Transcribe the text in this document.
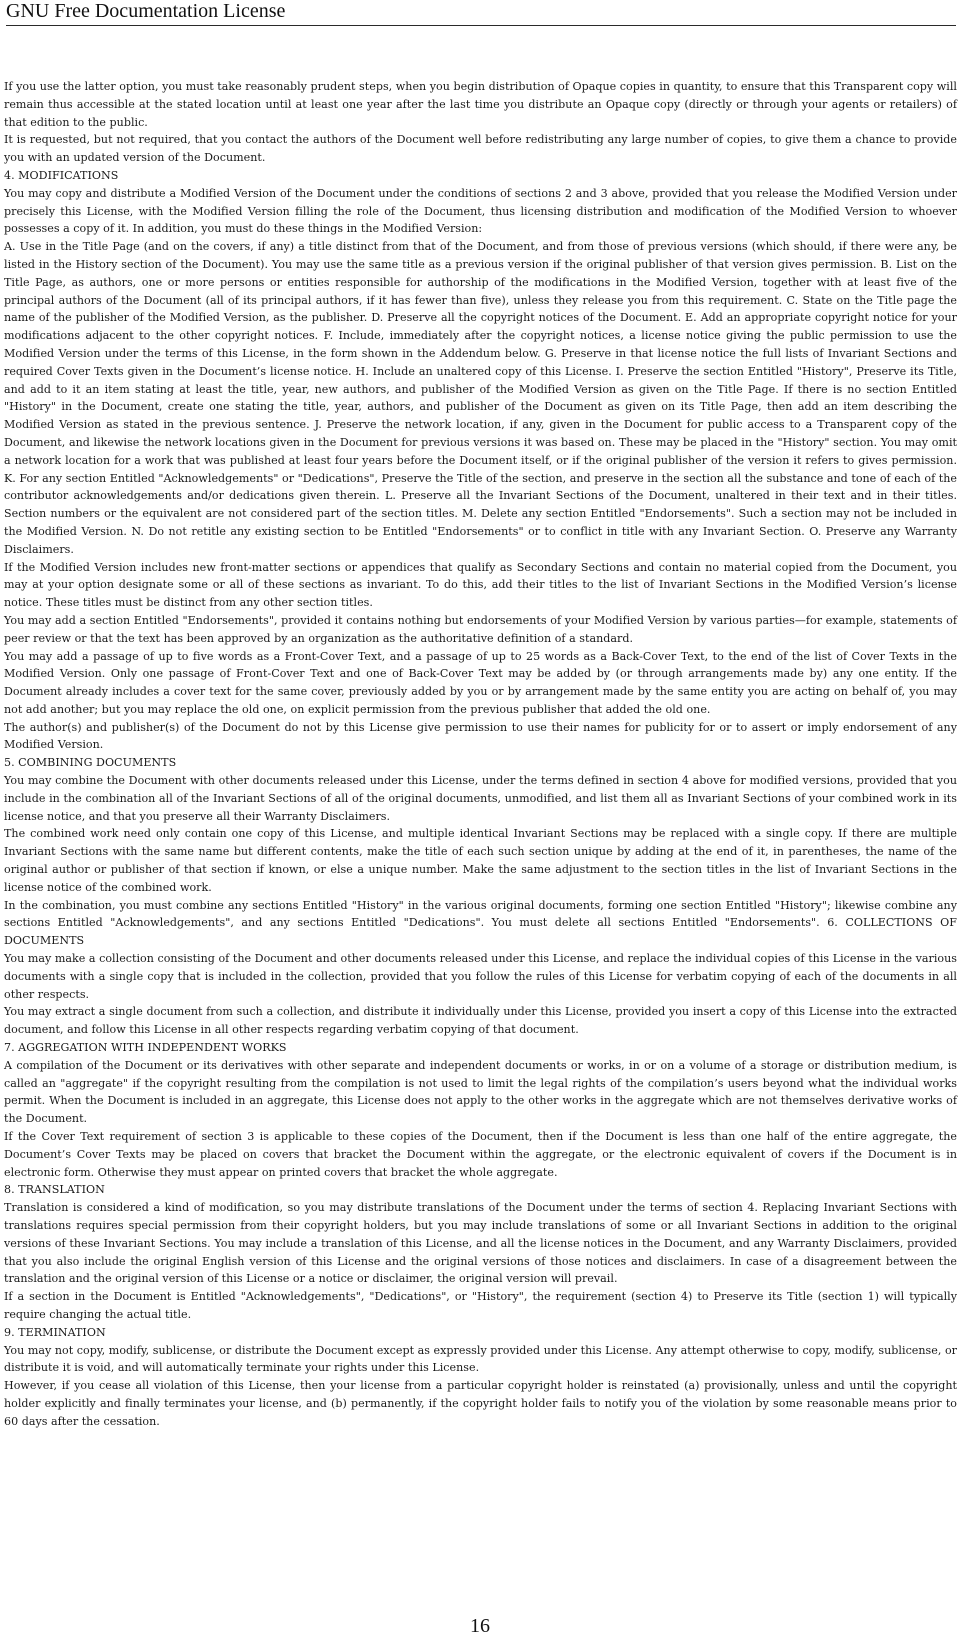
GNU Free Documentation License

If you use the latter option, you must take reasonably prudent steps, when you begin distribution of Opaque copies in quantity, to ensure that this Transparent copy will remain thus accessible at the stated location until at least one year after the last time you distribute an Opaque copy (directly or through your agents or retailers) of that edition to the public.

It is requested, but not required, that you contact the authors of the Document well before redistributing any large number of copies, to give them a chance to provide you with an updated version of the Document.

4. MODIFICATIONS

You may copy and distribute a Modified Version of the Document under the conditions of sections 2 and 3 above, provided that you release the Modified Version under precisely this License, with the Modified Version filling the role of the Document, thus licensing distribution and modification of the Modified Version to whoever possesses a copy of it. In addition, you must do these things in the Modified Version:

A. Use in the Title Page (and on the covers, if any) a title distinct from that of the Document, and from those of previous versions (which should, if there were any, be listed in the History section of the Document). You may use the same title as a previous version if the original publisher of that version gives permission. B. List on the Title Page, as authors, one or more persons or entities responsible for authorship of the modifications in the Modified Version, together with at least five of the principal authors of the Document (all of its principal authors, if it has fewer than five), unless they release you from this requirement. C. State on the Title page the name of the publisher of the Modified Version, as the publisher. D. Preserve all the copyright notices of the Document. E. Add an appropriate copyright notice for your modifications adjacent to the other copyright notices. F. Include, immediately after the copyright notices, a license notice giving the public permission to use the Modified Version under the terms of this License, in the form shown in the Addendum below. G. Preserve in that license notice the full lists of Invariant Sections and required Cover Texts given in the Document’s license notice. H. Include an unaltered copy of this License. I. Preserve the section Entitled "History", Preserve its Title, and add to it an item stating at least the title, year, new authors, and publisher of the Modified Version as given on the Title Page. If there is no section Entitled "History" in the Document, create one stating the title, year, authors, and publisher of the Document as given on its Title Page, then add an item describing the Modified Version as stated in the previous sentence. J. Preserve the network location, if any, given in the Document for public access to a Transparent copy of the Document, and likewise the network locations given in the Document for previous versions it was based on. These may be placed in the "History" section. You may omit a network location for a work that was published at least four years before the Document itself, or if the original publisher of the version it refers to gives permission. K. For any section Entitled "Acknowledgements" or "Dedications", Preserve the Title of the section, and preserve in the section all the substance and tone of each of the contributor acknowledgements and/or dedications given therein. L. Preserve all the Invariant Sections of the Document, unaltered in their text and in their titles. Section numbers or the equivalent are not considered part of the section titles. M. Delete any section Entitled "Endorsements". Such a section may not be included in the Modified Version. N. Do not retitle any existing section to be Entitled "Endorsements" or to conflict in title with any Invariant Section. O. Preserve any Warranty Disclaimers.

If the Modified Version includes new front-matter sections or appendices that qualify as Secondary Sections and contain no material copied from the Document, you may at your option designate some or all of these sections as invariant. To do this, add their titles to the list of Invariant Sections in the Modified Version’s license notice. These titles must be distinct from any other section titles.

You may add a section Entitled "Endorsements", provided it contains nothing but endorsements of your Modified Version by various parties—for example, statements of peer review or that the text has been approved by an organization as the authoritative definition of a standard.

You may add a passage of up to five words as a Front-Cover Text, and a passage of up to 25 words as a Back-Cover Text, to the end of the list of Cover Texts in the Modified Version. Only one passage of Front-Cover Text and one of Back-Cover Text may be added by (or through arrangements made by) any one entity. If the Document already includes a cover text for the same cover, previously added by you or by arrangement made by the same entity you are acting on behalf of, you may not add another; but you may replace the old one, on explicit permission from the previous publisher that added the old one.

The author(s) and publisher(s) of the Document do not by this License give permission to use their names for publicity for or to assert or imply endorsement of any Modified Version.

5. COMBINING DOCUMENTS

You may combine the Document with other documents released under this License, under the terms defined in section 4 above for modified versions, provided that you include in the combination all of the Invariant Sections of all of the original documents, unmodified, and list them all as Invariant Sections of your combined work in its license notice, and that you preserve all their Warranty Disclaimers.

The combined work need only contain one copy of this License, and multiple identical Invariant Sections may be replaced with a single copy. If there are multiple Invariant Sections with the same name but different contents, make the title of each such section unique by adding at the end of it, in parentheses, the name of the original author or publisher of that section if known, or else a unique number. Make the same adjustment to the section titles in the list of Invariant Sections in the license notice of the combined work.

In the combination, you must combine any sections Entitled "History" in the various original documents, forming one section Entitled "History"; likewise combine any sections Entitled "Acknowledgements", and any sections Entitled "Dedications". You must delete all sections Entitled "Endorsements". 6. COLLECTIONS OF DOCUMENTS

You may make a collection consisting of the Document and other documents released under this License, and replace the individual copies of this License in the various documents with a single copy that is included in the collection, provided that you follow the rules of this License for verbatim copying of each of the documents in all other respects.

You may extract a single document from such a collection, and distribute it individually under this License, provided you insert a copy of this License into the extracted document, and follow this License in all other respects regarding verbatim copying of that document.

7. AGGREGATION WITH INDEPENDENT WORKS

A compilation of the Document or its derivatives with other separate and independent documents or works, in or on a volume of a storage or distribution medium, is called an "aggregate" if the copyright resulting from the compilation is not used to limit the legal rights of the compilation’s users beyond what the individual works permit. When the Document is included in an aggregate, this License does not apply to the other works in the aggregate which are not themselves derivative works of the Document.

If the Cover Text requirement of section 3 is applicable to these copies of the Document, then if the Document is less than one half of the entire aggregate, the Document’s Cover Texts may be placed on covers that bracket the Document within the aggregate, or the electronic equivalent of covers if the Document is in electronic form. Otherwise they must appear on printed covers that bracket the whole aggregate.

8. TRANSLATION

Translation is considered a kind of modification, so you may distribute translations of the Document under the terms of section 4. Replacing Invariant Sections with translations requires special permission from their copyright holders, but you may include translations of some or all Invariant Sections in addition to the original versions of these Invariant Sections. You may include a translation of this License, and all the license notices in the Document, and any Warranty Disclaimers, provided that you also include the original English version of this License and the original versions of those notices and disclaimers. In case of a disagreement between the translation and the original version of this License or a notice or disclaimer, the original version will prevail.

If a section in the Document is Entitled "Acknowledgements", "Dedications", or "History", the requirement (section 4) to Preserve its Title (section 1) will typically require changing the actual title.

9. TERMINATION

You may not copy, modify, sublicense, or distribute the Document except as expressly provided under this License. Any attempt otherwise to copy, modify, sublicense, or distribute it is void, and will automatically terminate your rights under this License.

However, if you cease all violation of this License, then your license from a particular copyright holder is reinstated (a) provisionally, unless and until the copyright holder explicitly and finally terminates your license, and (b) permanently, if the copyright holder fails to notify you of the violation by some reasonable means prior to 60 days after the cessation.

16
